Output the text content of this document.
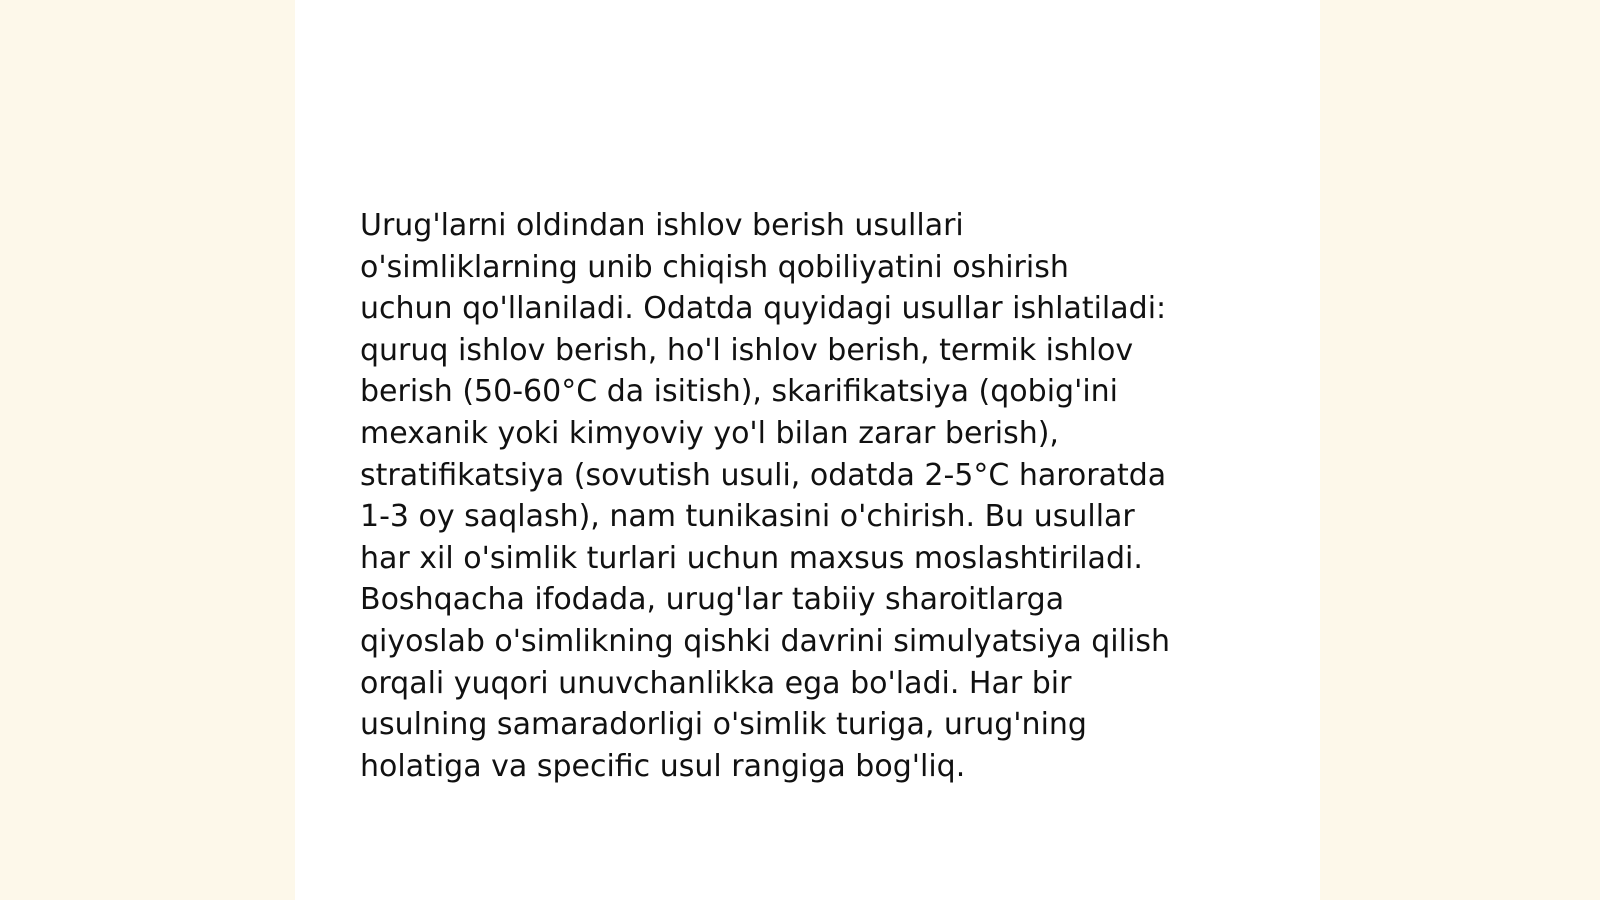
Urug'larni oldindan ishlov berish usullari
o'simliklarning unib chiqish qobiliyatini oshirish
uchun qo'llaniladi. Odatda quyidagi usullar ishlatiladi:
quruq ishlov berish, ho'l ishlov berish, termik ishlov
berish (50-60°C da isitish), skarifikatsiya (qobig'ini
mexanik yoki kimyoviy yo'l bilan zarar berish),
stratifikatsiya (sovutish usuli, odatda 2-5°C haroratda
1-3 oy saqlash), nam tunikasini o'chirish. Bu usullar
har xil o'simlik turlari uchun maxsus moslashtiriladi.
Boshqacha ifodada, urug'lar tabiiy sharoitlarga
qiyoslab o'simlikning qishki davrini simulyatsiya qilish
orqali yuqori unuvchanlikka ega bo'ladi. Har bir
usulning samaradorligi o'simlik turiga, urug'ning
holatiga va specific usul rangiga bog'liq.
